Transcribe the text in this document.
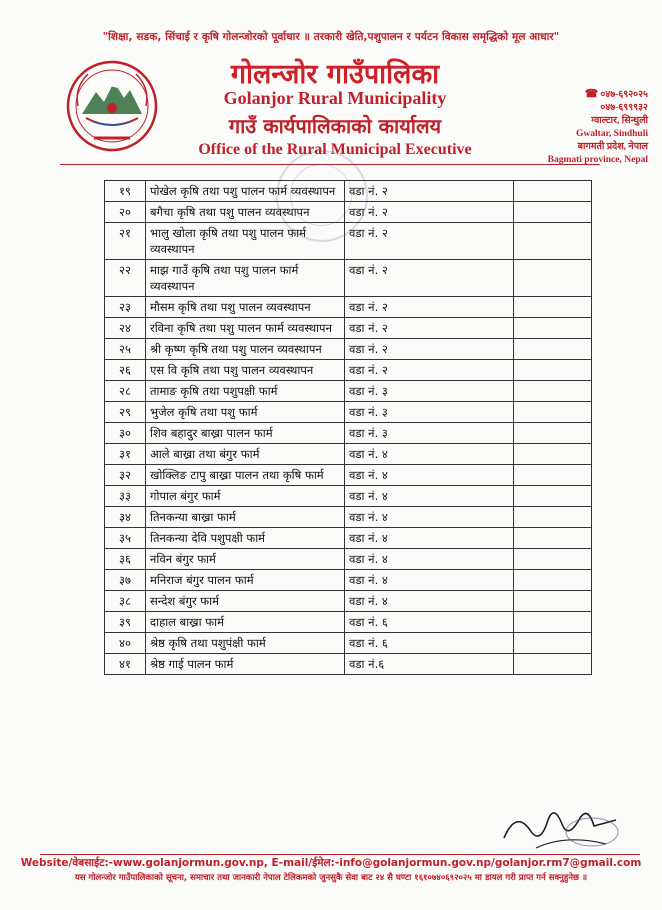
"शिक्षा, सडक, सिंचाई र कृषि गोलन्जोरको पूर्वाधार ॥ तरकारी खेति,पशुपालन र पर्यटन विकास समृद्धिको मूल आधार"
गोलन्जोर गाउँपालिका
Golanjor Rural Municipality
गाउँ कार्यपालिकाको कार्यालय
Office of the Rural Municipal Executive
☎ ०४७-६९२०२५
०४७-६९९९३२
ग्वाल्टार, सिन्धुली
Gwaltar, Sindhuli
बागमती प्रदेश, नेपाल
Bagmati province, Nepal
१९	पोखेल कृषि तथा पशु पालन फार्म व्यवस्थापन	वडा नं. २	
२०	बगैचा कृषि तथा पशु पालन व्यवस्थापन	वडा नं. २	
२१	भालु खोला कृषि तथा पशु पालन फार्म व्यवस्थापन	वडा नं. २	
२२	माझ गाउँ कृषि तथा पशु पालन फार्म व्यवस्थापन	वडा नं. २	
२३	मौसम कृषि तथा पशु पालन व्यवस्थापन	वडा नं. २	
२४	रविना कृषि तथा पशु पालन फार्म व्यवस्थापन	वडा नं. २	
२५	श्री कृष्ण कृषि तथा पशु पालन व्यवस्थापन	वडा नं. २	
२६	एस वि कृषि तथा पशु पालन व्यवस्थापन	वडा नं. २	
२८	तामाङ कृषि तथा पशुपक्षी फार्म	वडा नं. ३	
२९	भुजेल कृषि तथा पशु फार्म	वडा नं. ३	
३०	शिव बहादुर बाख्रा पालन फार्म	वडा नं. ३	
३१	आले बाख्रा तथा बंगुर फार्म	वडा नं. ४	
३२	खोक्लिङ टापु बाख्रा पालन तथा कृषि फार्म	वडा नं. ४	
३३	गोपाल बंगुर फार्म	वडा नं. ४	
३४	तिनकन्या बाख्रा फार्म	वडा नं. ४	
३५	तिनकन्या देवि पशुपक्षी फार्म	वडा नं. ४	
३६	नविन बंगुर फार्म	वडा नं. ४	
३७	मनिराज बंगुर पालन फार्म	वडा नं. ४	
३८	सन्देश बंगुर फार्म	वडा नं. ४	
३९	दाहाल बाख्रा फार्म	वडा नं. ६	
४०	श्रेष्ठ कृषि तथा पशुपंक्षी फार्म	वडा नं. ६	
४१	श्रेष्ठ गाई पालन फार्म	वडा नं.६	
Website/वेबसाईट:-www.golanjormun.gov.np, E-mail/ईमेल:-info@golanjormun.gov.np/golanjor.rm7@gmail.com
यस गोलन्जोर गाउँपालिकाको सूचना, समाचार तथा जानकारी नेपाल टेलिकमको जुनसुकै सेवा बाट २४ सै घण्टा १६१०७४०६९२०२५ मा डायल गरी प्राप्त गर्न सक्नुहुनेछ ॥
